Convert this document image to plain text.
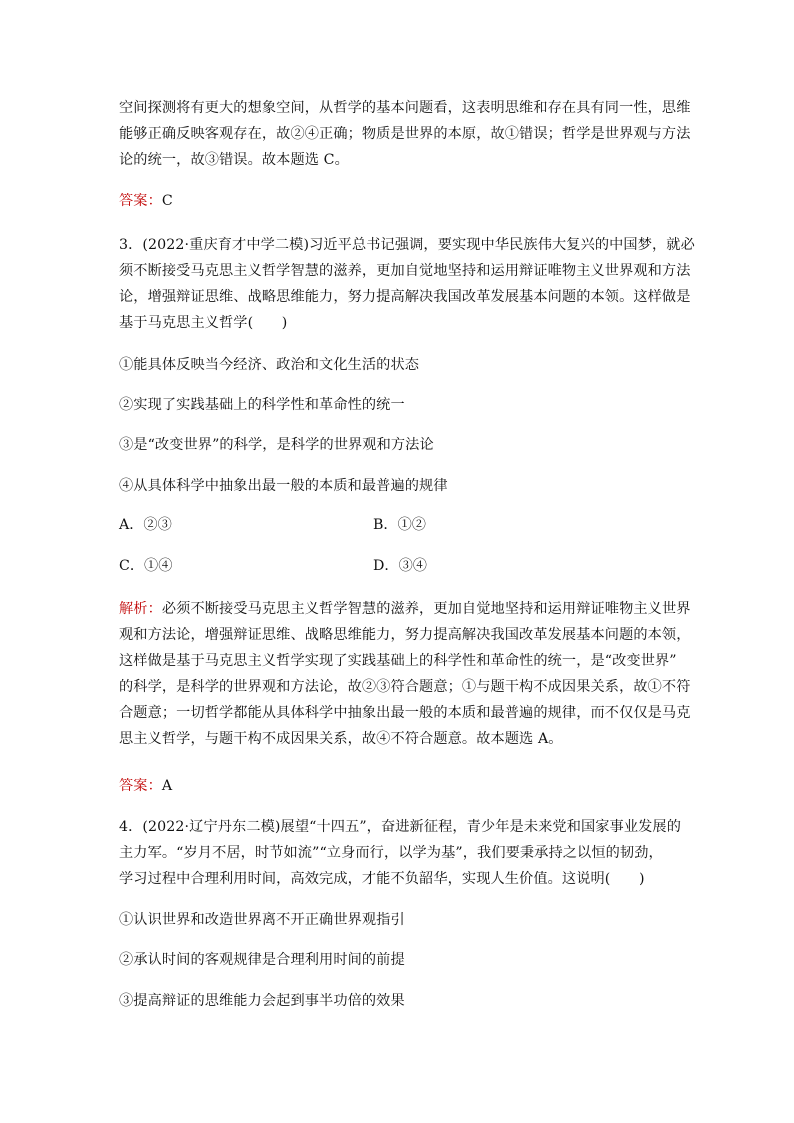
空间探测将有更大的想象空间，从哲学的基本问题看，这表明思维和存在具有同一性，思维
能够正确反映客观存在，故②④正确；物质是世界的本原，故①错误；哲学是世界观与方法
论的统一，故③错误。故本题选 C。
答案：C
3．(2022·重庆育才中学二模)习近平总书记强调，要实现中华民族伟大复兴的中国梦，就必
须不断接受马克思主义哲学智慧的滋养，更加自觉地坚持和运用辩证唯物主义世界观和方法
论，增强辩证思维、战略思维能力，努力提高解决我国改革发展基本问题的本领。这样做是
基于马克思主义哲学(　　)
①能具体反映当今经济、政治和文化生活的状态
②实现了实践基础上的科学性和革命性的统一
③是“改变世界”的科学，是科学的世界观和方法论
④从具体科学中抽象出最一般的本质和最普遍的规律
A．②③	B．①②
C．①④	D．③④
解析：必须不断接受马克思主义哲学智慧的滋养，更加自觉地坚持和运用辩证唯物主义世界
观和方法论，增强辩证思维、战略思维能力，努力提高解决我国改革发展基本问题的本领，
这样做是基于马克思主义哲学实现了实践基础上的科学性和革命性的统一，是“改变世界”
的科学，是科学的世界观和方法论，故②③符合题意；①与题干构不成因果关系，故①不符
合题意；一切哲学都能从具体科学中抽象出最一般的本质和最普遍的规律，而不仅仅是马克
思主义哲学，与题干构不成因果关系，故④不符合题意。故本题选 A。
答案：A
4．(2022·辽宁丹东二模)展望“十四五”，奋进新征程，青少年是未来党和国家事业发展的
主力军。“岁月不居，时节如流”“立身而行，以学为基”，我们要秉承持之以恒的韧劲，
学习过程中合理利用时间，高效完成，才能不负韶华，实现人生价值。这说明(　　)
①认识世界和改造世界离不开正确世界观指引
②承认时间的客观规律是合理利用时间的前提
③提高辩证的思维能力会起到事半功倍的效果
